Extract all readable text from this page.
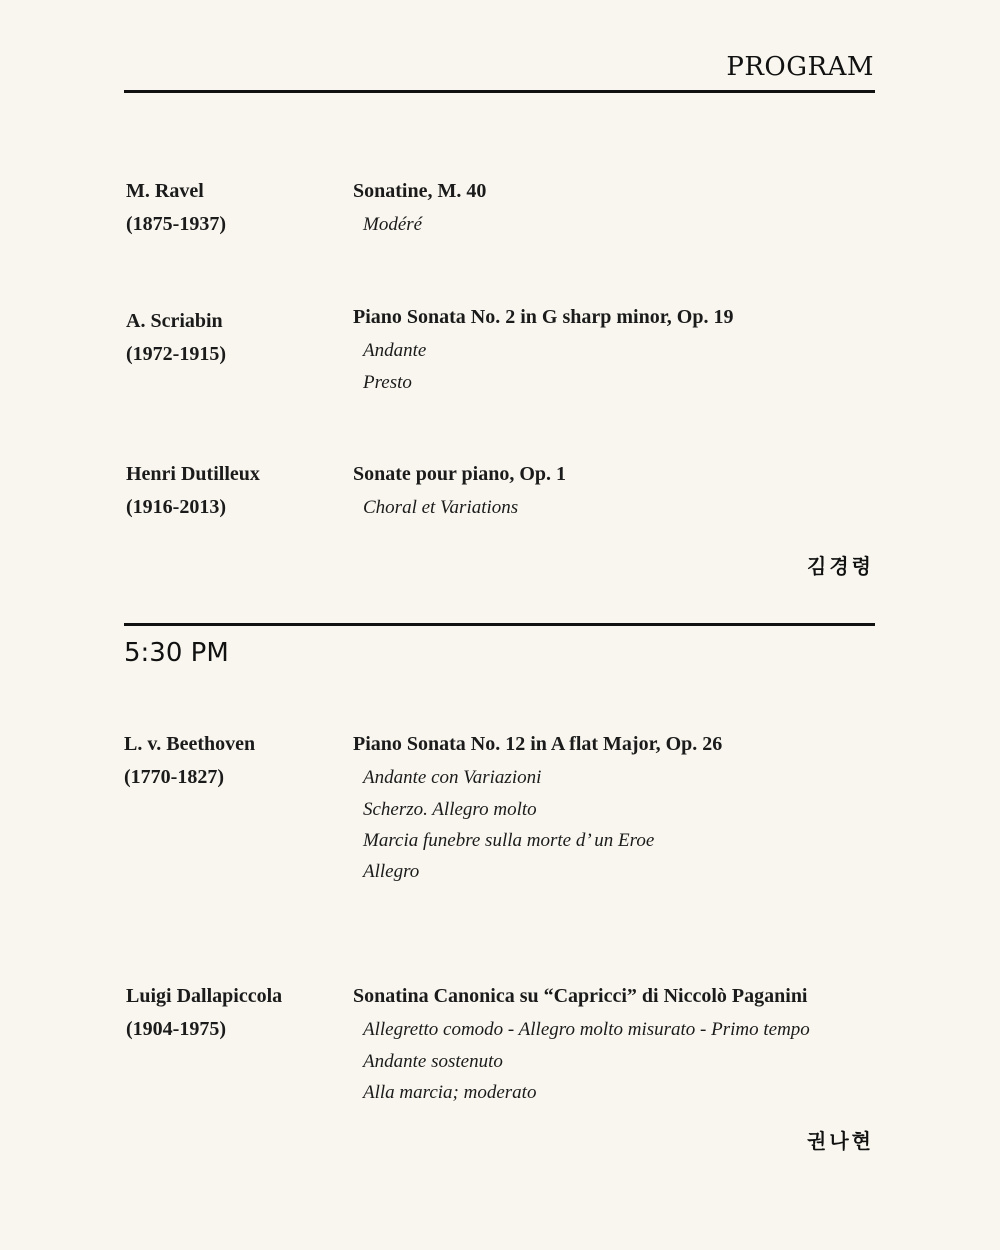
PROGRAM
M. Ravel
(1875-1937)
Sonatine, M. 40
Modéré
A. Scriabin
(1972-1915)
Piano Sonata No. 2 in G sharp minor, Op. 19
Andante
Presto
Henri Dutilleux
(1916-2013)
Sonate pour piano, Op. 1
Choral et Variations
김경령
5:30 PM
L. v. Beethoven
(1770-1827)
Piano Sonata No. 12 in A flat Major, Op. 26
Andante con Variazioni
Scherzo. Allegro molto
Marcia funebre sulla morte d’ un Eroe
Allegro
Luigi Dallapiccola
(1904-1975)
Sonatina Canonica su “Capricci” di Niccolò Paganini
Allegretto comodo - Allegro molto misurato - Primo tempo
Andante sostenuto
Alla marcia; moderato
권나현
